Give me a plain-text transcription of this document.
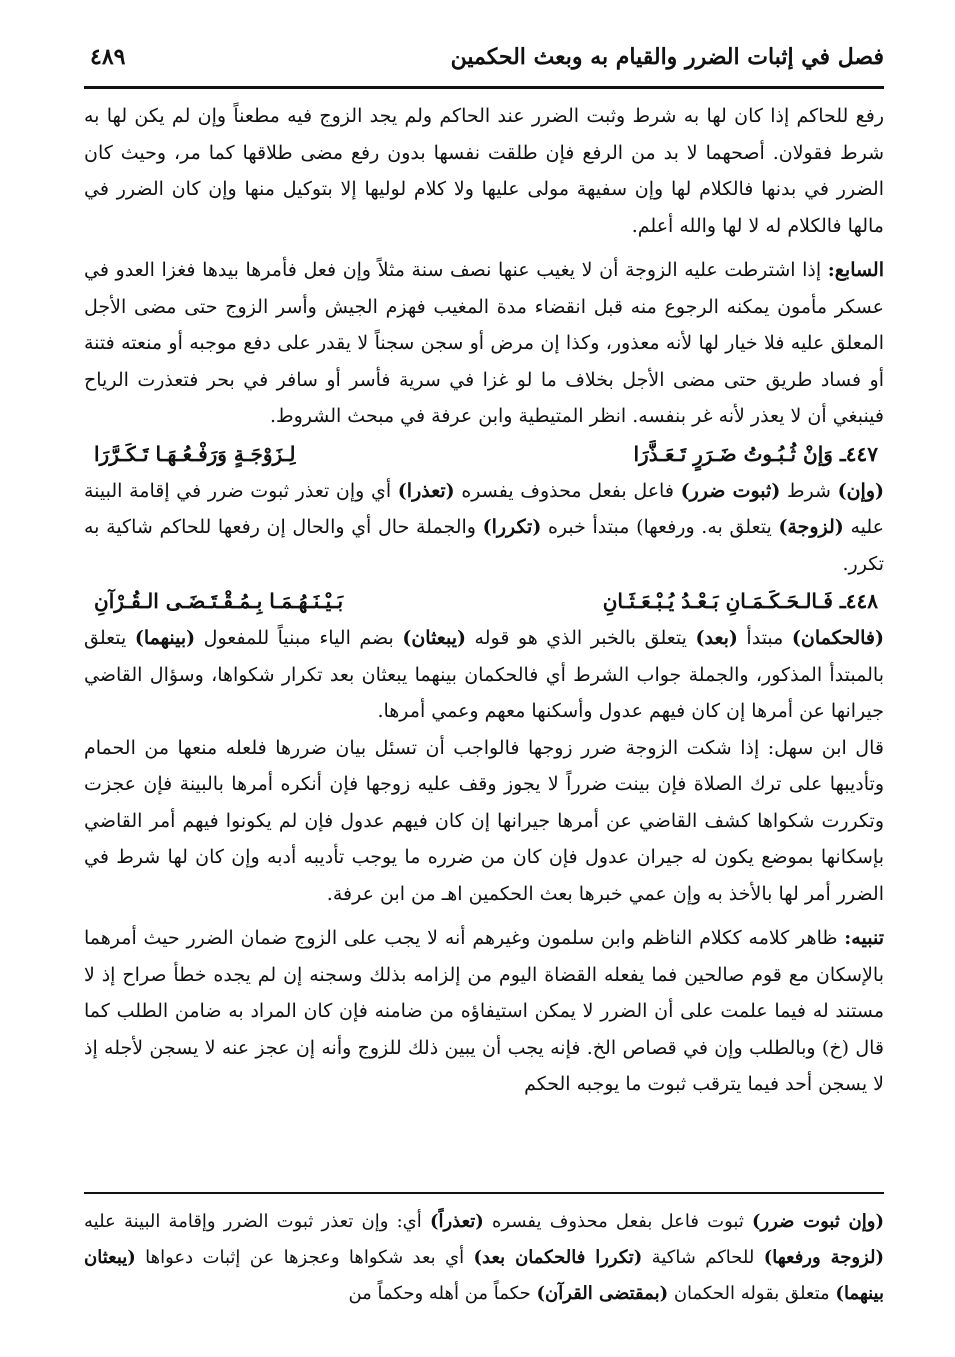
فصل في إثبات الضرر والقيام به وبعث الحكمين
٤٨٩

رفع للحاكم إذا كان لها به شرط وثبت الضرر عند الحاكم ولم يجد الزوج فيه مطعناً وإن لم يكن لها به شرط فقولان. أصحهما لا بد من الرفع فإن طلقت نفسها بدون رفع مضى طلاقها كما مر، وحيث كان الضرر في بدنها فالكلام لها وإن سفيهة مولى عليها ولا كلام لوليها إلا بتوكيل منها وإن كان الضرر في مالها فالكلام له لا لها والله أعلم.

السابع: إذا اشترطت عليه الزوجة أن لا يغيب عنها نصف سنة مثلاً وإن فعل فأمرها بيدها فغزا العدو في عسكر مأمون يمكنه الرجوع منه قبل انقضاء مدة المغيب فهزم الجيش وأسر الزوج حتى مضى الأجل المعلق عليه فلا خيار لها لأنه معذور، وكذا إن مرض أو سجن سجناً لا يقدر على دفع موجبه أو منعته فتنة أو فساد طريق حتى مضى الأجل بخلاف ما لو غزا في سرية فأسر أو سافر في بحر فتعذرت الرياح فينبغي أن لا يعذر لأنه غر بنفسه. انظر المتيطية وابن عرفة في مبحث الشروط.

٤٤٧ـ وَإنْ ثُـبُـوتُ ضَـرَرٍ تَـعَـذَّرَا
لِـزَوْجَـةٍ وَرَفْـعُـهَـا تَـكَـرَّرَا

(وإن) شرط (ثبوت ضرر) فاعل بفعل محذوف يفسره (تعذرا) أي وإن تعذر ثبوت ضرر في إقامة البينة عليه (لزوجة) يتعلق به. ورفعها) مبتدأ خبره (تكررا) والجملة حال أي والحال إن رفعها للحاكم شاكية به تكرر.

٤٤٨ـ فَـالـحَـكَـمَـانِ بَـعْـدُ يُـبْـعَـثَـانِ
بَـيْـنَـهُـمَـا بِـمُـقْـتَـضَـى الـقُـرْآنِ

(فالحكمان) مبتدأ (بعد) يتعلق بالخبر الذي هو قوله (يبعثان) بضم الياء مبنياً للمفعول (بينهما) يتعلق بالمبتدأ المذكور، والجملة جواب الشرط أي فالحكمان بينهما يبعثان بعد تكرار شكواها، وسؤال القاضي جيرانها عن أمرها إن كان فيهم عدول وأسكنها معهم وعمي أمرها.

قال ابن سهل: إذا شكت الزوجة ضرر زوجها فالواجب أن تسئل بيان ضررها فلعله منعها من الحمام وتأديبها على ترك الصلاة فإن بينت ضرراً لا يجوز وقف عليه زوجها فإن أنكره أمرها بالبينة فإن عجزت وتكررت شكواها كشف القاضي عن أمرها جيرانها إن كان فيهم عدول فإن لم يكونوا فيهم أمر القاضي بإسكانها بموضع يكون له جيران عدول فإن كان من ضرره ما يوجب تأديبه أدبه وإن كان لها شرط في الضرر أمر لها بالأخذ به وإن عمي خبرها بعث الحكمين اهـ من ابن عرفة.

تنبيه: ظاهر كلامه ككلام الناظم وابن سلمون وغيرهم أنه لا يجب على الزوج ضمان الضرر حيث أمرهما بالإسكان مع قوم صالحين فما يفعله القضاة اليوم من إلزامه بذلك وسجنه إن لم يجده خطأ صراح إذ لا مستند له فيما علمت على أن الضرر لا يمكن استيفاؤه من ضامنه فإن كان المراد به ضامن الطلب كما قال (خ) وبالطلب وإن في قصاص الخ. فإنه يجب أن يبين ذلك للزوج وأنه إن عجز عنه لا يسجن لأجله إذ لا يسجن أحد فيما يترقب ثبوت ما يوجبه الحكم

(وإن ثبوت ضرر) ثبوت فاعل بفعل محذوف يفسره (تعذراً) أي: وإن تعذر ثبوت الضرر وإقامة البينة عليه (لزوجة ورفعها) للحاكم شاكية (تكررا فالحكمان بعد) أي بعد شكواها وعجزها عن إثبات دعواها (يبعثان بينهما) متعلق بقوله الحكمان (بمقتضى القرآن) حكماً من أهله وحكماً من
